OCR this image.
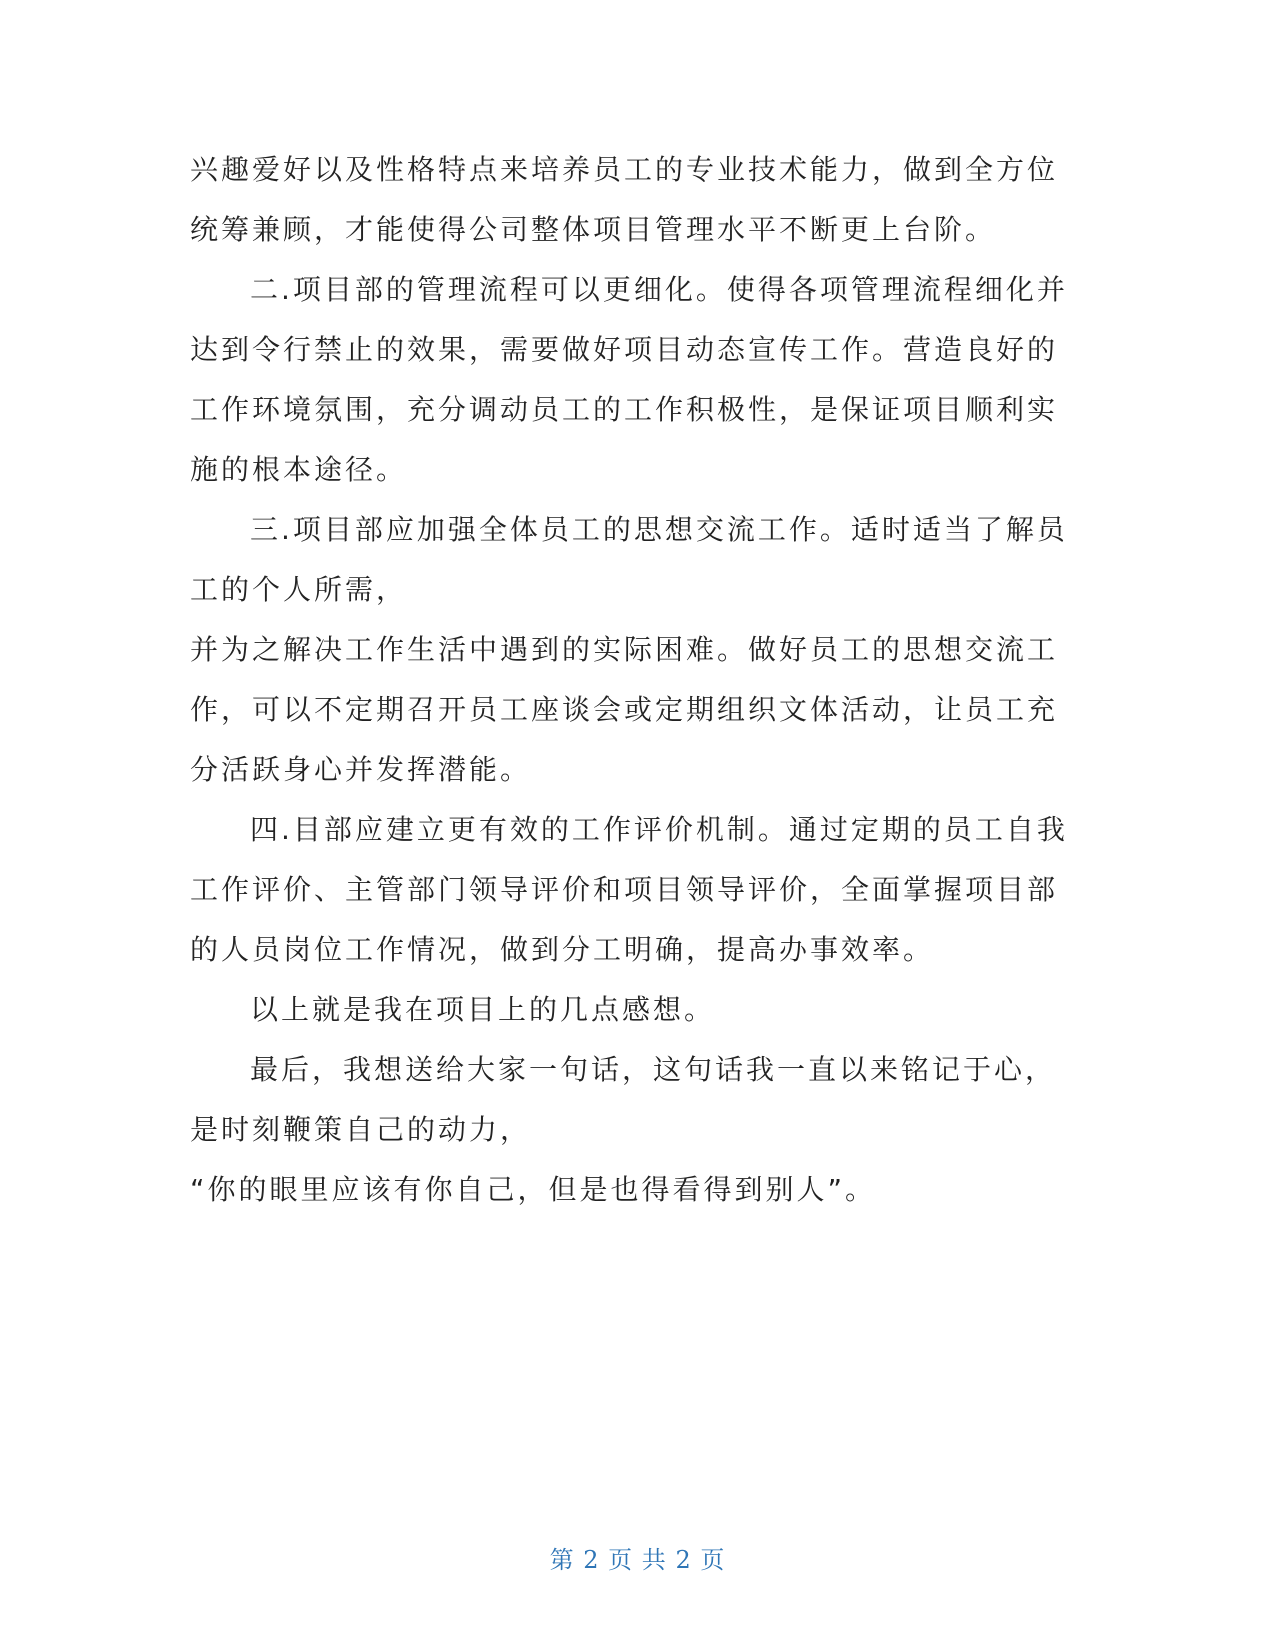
兴趣爱好以及性格特点来培养员工的专业技术能力，做到全方位
统筹兼顾，才能使得公司整体项目管理水平不断更上台阶。
二.项目部的管理流程可以更细化。使得各项管理流程细化并
达到令行禁止的效果，需要做好项目动态宣传工作。营造良好的
工作环境氛围，充分调动员工的工作积极性，是保证项目顺利实
施的根本途径。
三.项目部应加强全体员工的思想交流工作。适时适当了解员
工的个人所需，
并为之解决工作生活中遇到的实际困难。做好员工的思想交流工
作，可以不定期召开员工座谈会或定期组织文体活动，让员工充
分活跃身心并发挥潜能。
四.目部应建立更有效的工作评价机制。通过定期的员工自我
工作评价、主管部门领导评价和项目领导评价，全面掌握项目部
的人员岗位工作情况，做到分工明确，提高办事效率。
以上就是我在项目上的几点感想。
最后，我想送给大家一句话，这句话我一直以来铭记于心，
是时刻鞭策自己的动力，
“你的眼里应该有你自己，但是也得看得到别人”。
第 2 页 共 2 页
